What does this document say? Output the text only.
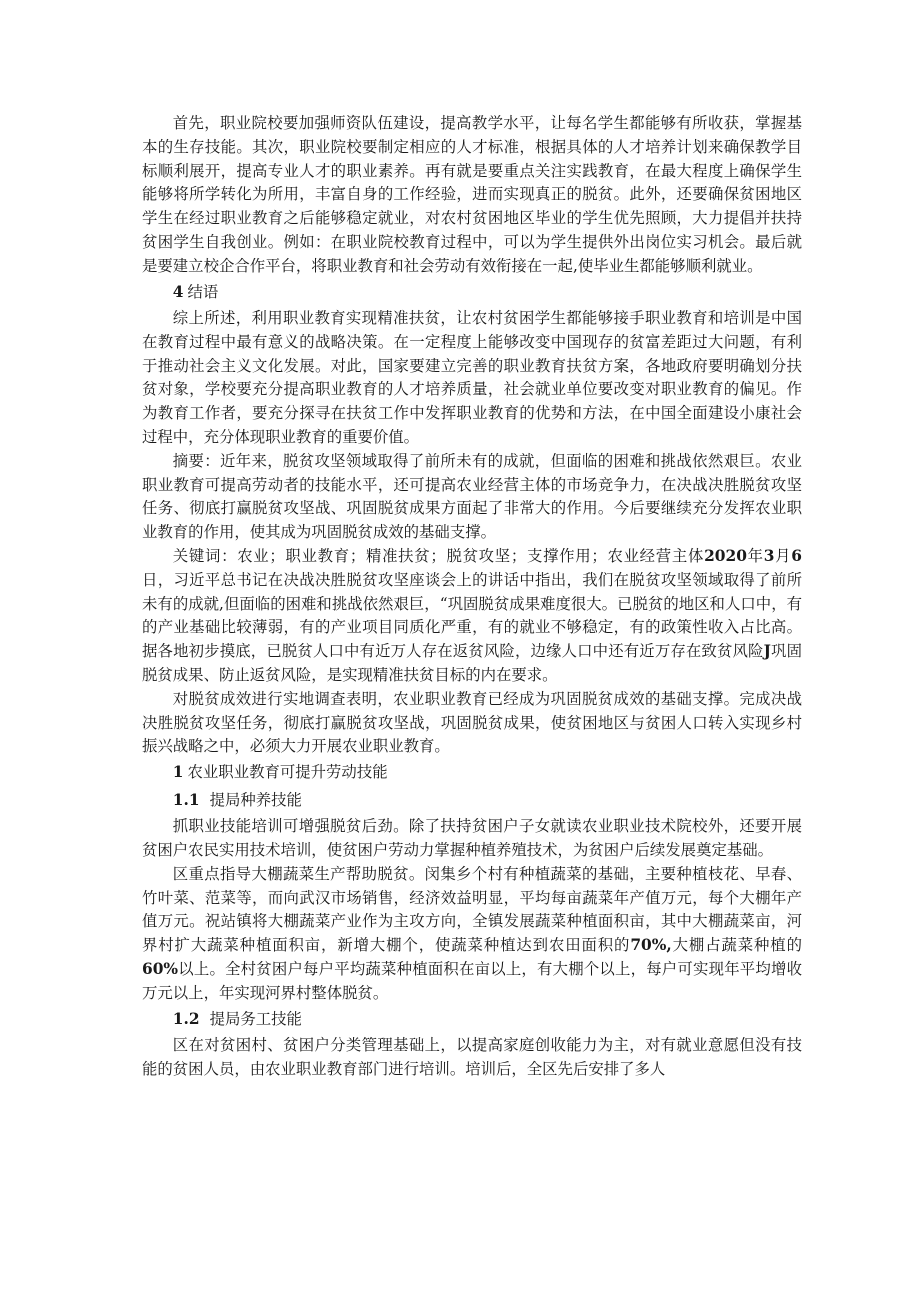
首先，职业院校要加强师资队伍建设，提高教学水平，让每名学生都能够有所收获，掌握基本的生存技能。其次，职业院校要制定相应的人才标准，根据具体的人才培养计划来确保教学目标顺利展开，提高专业人才的职业素养。再有就是要重点关注实践教育，在最大程度上确保学生能够将所学转化为所用，丰富自身的工作经验，进而实现真正的脱贫。此外，还要确保贫困地区学生在经过职业教育之后能够稳定就业，对农村贫困地区毕业的学生优先照顾，大力提倡并扶持贫困学生自我创业。例如：在职业院校教育过程中，可以为学生提供外出岗位实习机会。最后就是要建立校企合作平台，将职业教育和社会劳动有效衔接在一起,使毕业生都能够顺利就业。

4 结语

综上所述，利用职业教育实现精准扶贫，让农村贫困学生都能够接手职业教育和培训是中国在教育过程中最有意义的战略决策。在一定程度上能够改变中国现存的贫富差距过大问题，有利于推动社会主义文化发展。对此，国家要建立完善的职业教育扶贫方案，各地政府要明确划分扶贫对象，学校要充分提高职业教育的人才培养质量，社会就业单位要改变对职业教育的偏见。作为教育工作者，要充分探寻在扶贫工作中发挥职业教育的优势和方法，在中国全面建设小康社会过程中，充分体现职业教育的重要价值。

摘要：近年来，脱贫攻坚领域取得了前所未有的成就，但面临的困难和挑战依然艰巨。农业职业教育可提高劳动者的技能水平，还可提高农业经营主体的市场竞争力，在决战决胜脱贫攻坚任务、彻底打赢脱贫攻坚战、巩固脱贫成果方面起了非常大的作用。今后要继续充分发挥农业职业教育的作用，使其成为巩固脱贫成效的基础支撑。

关键词：农业；职业教育；精准扶贫；脱贫攻坚；支撑作用；农业经营主体2020年3月6日，习近平总书记在决战决胜脱贫攻坚座谈会上的讲话中指出，我们在脱贫攻坚领域取得了前所未有的成就,但面临的困难和挑战依然艰巨，“巩固脱贫成果难度很大。已脱贫的地区和人口中，有的产业基础比较薄弱，有的产业项目同质化严重，有的就业不够稳定，有的政策性收入占比高。据各地初步摸底，已脱贫人口中有近万人存在返贫风险，边缘人口中还有近万存在致贫风险J巩固脱贫成果、防止返贫风险，是实现精准扶贫目标的内在要求。

对脱贫成效进行实地调查表明，农业职业教育已经成为巩固脱贫成效的基础支撑。完成决战决胜脱贫攻坚任务，彻底打赢脱贫攻坚战，巩固脱贫成果，使贫困地区与贫困人口转入实现乡村振兴战略之中，必须大力开展农业职业教育。

1 农业职业教育可提升劳动技能

1.1 提局种养技能

抓职业技能培训可增强脱贫后劲。除了扶持贫困户子女就读农业职业技术院校外，还要开展贫困户农民实用技术培训，使贫困户劳动力掌握种植养殖技术，为贫困户后续发展奠定基础。

区重点指导大棚蔬菜生产帮助脱贫。闵集乡个村有种植蔬菜的基础，主要种植枝花、早春、竹叶菜、范菜等，而向武汉市场销售，经济效益明显，平均每亩蔬菜年产值万元，每个大棚年产值万元。祝站镇将大棚蔬菜产业作为主攻方向，全镇发展蔬菜种植面积亩，其中大棚蔬菜亩，河界村扩大蔬菜种植面积亩，新增大棚个，使蔬菜种植达到农田面积的70%,大棚占蔬菜种植的60%以上。全村贫困户每户平均蔬菜种植面积在亩以上，有大棚个以上，每户可实现年平均增收万元以上，年实现河界村整体脱贫。

1.2 提局务工技能

区在对贫困村、贫困户分类管理基础上，以提高家庭创收能力为主，对有就业意愿但没有技能的贫困人员，由农业职业教育部门进行培训。培训后，全区先后安排了多人
